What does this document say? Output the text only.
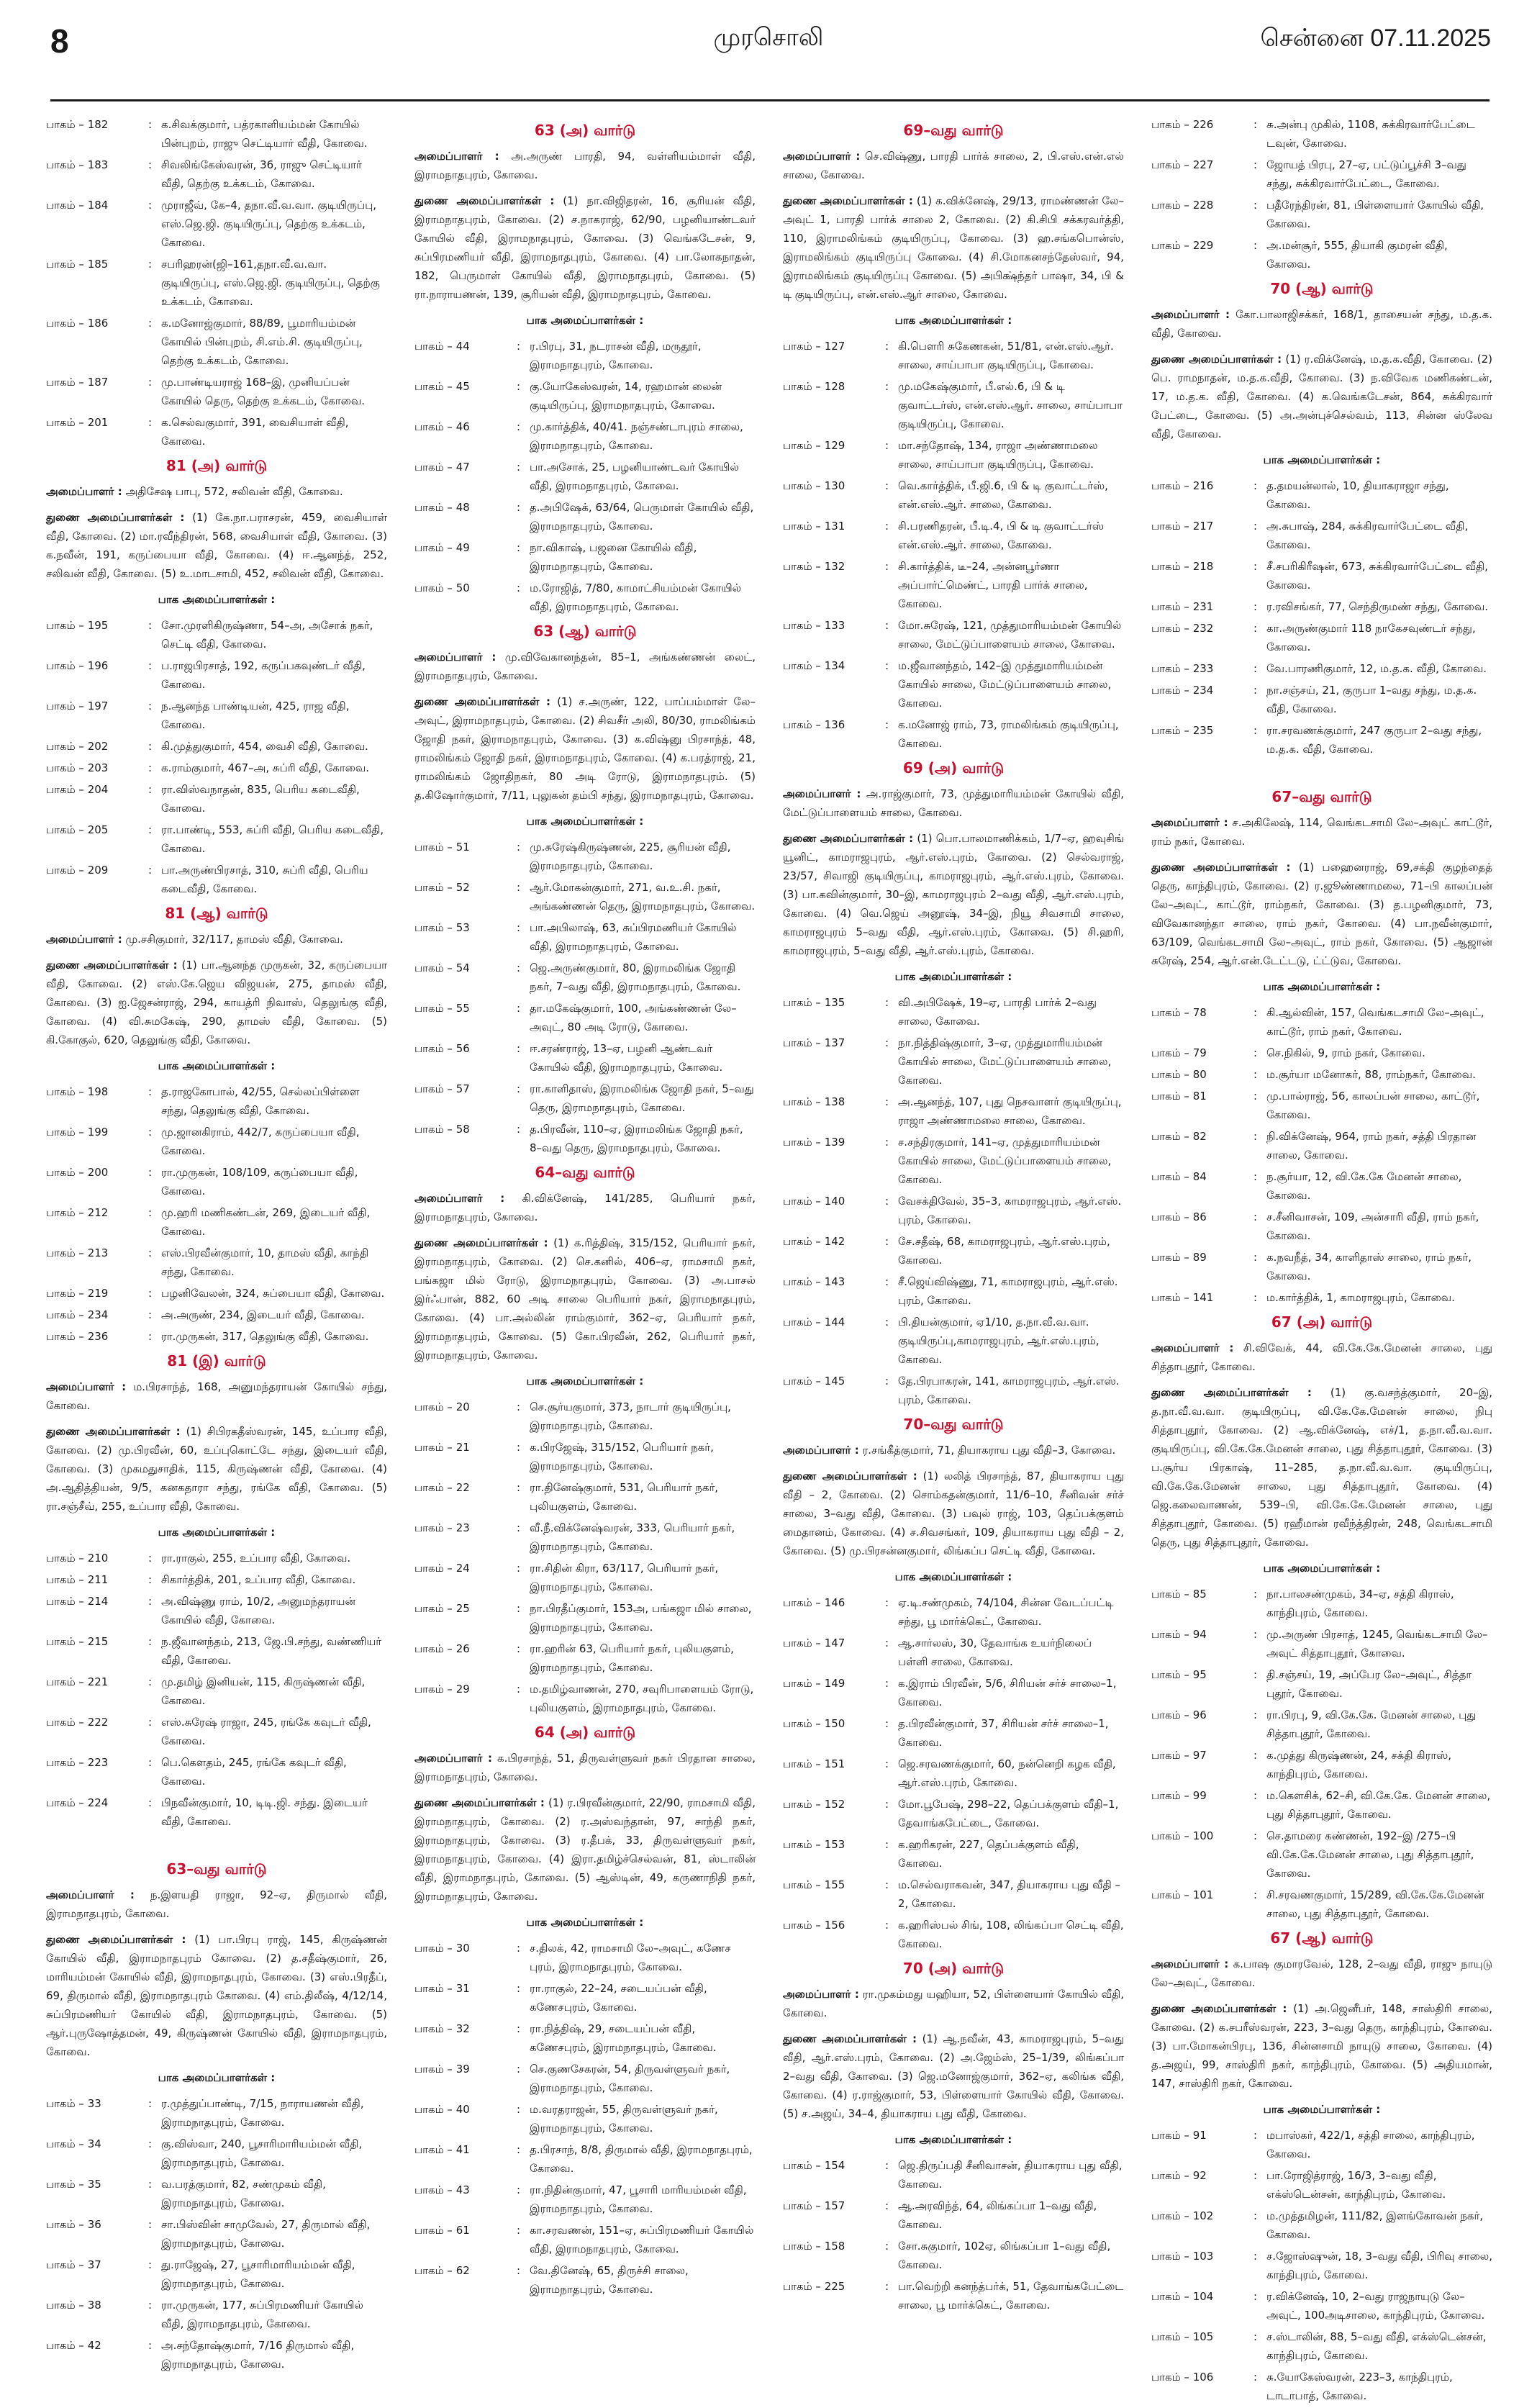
8	முரசொலி	சென்னை 07.11.2025
பாகம் – 182	: க.சிவக்குமார், பத்ரகாளியம்மன் கோயில் பின்புறம், ராஜு செட்டியார் வீதி, கோவை.
பாகம் – 183	: சிவலிங்கேஸ்வரன், 36, ராஜு செட்டியார் வீதி, தெற்கு உக்கடம், கோவை.
பாகம் – 184	: முராஜீவ், கே–4, தநா.வீ.வ.வா. குடியிருப்பு, எஸ்.ஜெ.ஜி. குடியிருப்பு, தெற்கு உக்கடம், கோவை.
பாகம் – 185	: சபரிஹரன்(ஜி–161,தநா.வீ.வ.வா. குடியிருப்பு, எஸ்.ஜெ.ஜி. குடியிருப்பு, தெற்கு உக்கடம், கோவை.
பாகம் – 186	: க.மனோஜ்குமார், 88/89, பூமாரியம்மன் கோயில் பின்புறம், சி.எம்.சி. குடியிருப்பு, தெற்கு உக்கடம், கோவை.
பாகம் – 187	: மு.பாண்டியராஜ் 168–இ, முனியப்பன் கோயில் தெரு, தெற்கு உக்கடம், கோவை.
பாகம் – 201	: க.செல்வகுமார், 391, வைசியாள் வீதி, கோவை.
81 (அ) வார்டு
அமைப்பாளர் : அதிசேஷ பாபு, 572, சலிவன் வீதி, கோவை.
துணை அமைப்பாளர்கள் : (1) கே.நா.பராசரன், 459, வைசியாள் வீதி, கோவை. (2) மா.ரவீந்திரன், 568, வைசியாள் வீதி, கோவை. (3) க.நவீன், 191, கருப்பையா வீதி, கோவை. (4) ஈ.ஆனந்த், 252, சலிவன் வீதி, கோவை. (5) உ.மாடசாமி, 452, சலிவன் வீதி, கோவை.
பாக அமைப்பாளர்கள் :
பாகம் – 195	: சோ.முரளிகிருஷ்ணா, 54–அ, அசோக் நகர், செட்டி வீதி, கோவை.
பாகம் – 196	: ப.ராஜபிரசாத், 192, கருப்பகவுண்டர் வீதி, கோவை.
பாகம் – 197	: ந.ஆனந்த பாண்டியன், 425, ராஜ வீதி, கோவை.
பாகம் – 202	: கி.முத்துகுமார், 454, வைசி வீதி, கோவை.
பாகம் – 203	: க.ராம்குமார், 467–அ, சுப்ரி வீதி, கோவை.
பாகம் – 204	: ரா.விஸ்வநாதன், 835, பெரிய கடைவீதி, கோவை.
பாகம் – 205	: ரா.பாண்டி, 553, சுப்ரி வீதி, பெரிய கடைவீதி, கோவை.
பாகம் – 209	: பா.அருண்பிரசாத், 310, சுப்ரி வீதி, பெரிய கடைவீதி, கோவை.
81 (ஆ) வார்டு
அமைப்பாளர் : மு.சசிகுமார், 32/117, தாமஸ் வீதி, கோவை.
துணை அமைப்பாளர்கள் : (1) பா.ஆனந்த முருகன், 32, கருப்பையா வீதி, கோவை. (2) எஸ்.கே.ஜெய விஜயன், 275, தாமஸ் வீதி, கோவை. (3) ஐ.ஜேசன்ராஜ், 294, காயத்ரி நிவாஸ், தெலுங்கு வீதி, கோவை. (4) வி.சுமகேஷ், 290, தாமஸ் வீதி, கோவை. (5) கி.கோகுல், 620, தெலுங்கு வீதி, கோவை.
பாக அமைப்பாளர்கள் :
பாகம் – 198	: த.ராஜகோபால், 42/55, செல்லப்பிள்ளை சந்து, தெலுங்கு வீதி, கோவை.
பாகம் – 199	: மு.ஜானகிராம், 442/7, கருப்பையா வீதி, கோவை.
பாகம் – 200	: ரா.முருகன், 108/109, கருப்பையா வீதி, கோவை.
பாகம் – 212	: மு.ஹரி மணிகண்டன், 269, இடையர் வீதி, கோவை.
பாகம் – 213	: எஸ்.பிரவீன்குமார், 10, தாமஸ் வீதி, காந்தி சந்து, கோவை.
பாகம் – 219	: பழனிவேலன், 324, சுப்பையா வீதி, கோவை.
பாகம் – 234	: அ.அருண், 234, இடையர் வீதி, கோவை.
பாகம் – 236	: ரா.முருகன், 317, தெலுங்கு வீதி, கோவை.
81 (இ) வார்டு
அமைப்பாளர் : ம.பிரசாந்த், 168, அனுமந்தராயன் கோயில் சந்து, கோவை.
துணை அமைப்பாளர்கள் : (1) சிபிரகதீஸ்வரன், 145, உப்பார வீதி, கோவை. (2) மு.பிரவீன், 60, உப்புகொட்டே சந்து, இடையர் வீதி, கோவை. (3) முகமதுசாதிக், 115, கிருஷ்ணன் வீதி, கோவை. (4) அ.ஆதித்தியன், 9/5, கனகதாரா சந்து, ரங்கே வீதி, கோவை. (5) ரா.சஞ்சீவ், 255, உப்பார வீதி, கோவை.
பாக அமைப்பாளர்கள் :
பாகம் – 210	: ரா.ராகுல், 255, உப்பார வீதி, கோவை.
பாகம் – 211	: சிகார்த்திக், 201, உப்பார வீதி, கோவை.
பாகம் – 214	: அ.விஷ்ணு ராம், 10/2, அனுமந்தராயன் கோயில் வீதி, கோவை.
பாகம் – 215	: ந.ஜீவானந்தம், 213, ஜே.பி.சந்து, வண்ணியர் வீதி, கோவை.
பாகம் – 221	: மு.தமிழ் இனியன், 115, கிருஷ்ணன் வீதி, கோவை.
பாகம் – 222	: எஸ்.சுரேஷ் ராஜா, 245, ரங்கே கவுடர் வீதி, கோவை.
பாகம் – 223	: பெ.கௌதம், 245, ரங்கே கவுடர் வீதி, கோவை.
பாகம் – 224	: பிநவீன்குமார், 10, டிடி.ஜி. சந்து. இடையர் வீதி, கோவை.
63–வது வார்டு
அமைப்பாளர் : ந.இளயதி ராஜா, 92–ஏ, திருமால் வீதி, இராமநாதபுரம், கோவை.
துணை அமைப்பாளர்கள் : (1) பா.பிரபு ராஜ், 145, கிருஷ்ணன் கோயில் வீதி, இராமநாதபுரம் கோவை. (2) த.சதீஷ்குமார், 26, மாரியம்மன் கோயில் வீதி, இராமநாதபுரம், கோவை. (3) எஸ்.பிரதீப், 69, திருமால் வீதி, இராமநாதபுரம் கோவை. (4) எம்.திலீஷ், 4/12/14, சுப்பிரமணியர் கோயில் வீதி, இராமநாதபுரம், கோவை. (5) ஆர்.புருஷோத்தமன், 49, கிருஷ்ணன் கோயில் வீதி, இராமநாதபுரம், கோவை.
பாக அமைப்பாளர்கள் :
பாகம் – 33	: ர.முத்துப்பாண்டி, 7/15, நாராயணன் வீதி, இராமநாதபுரம், கோவை.
பாகம் – 34	: கு.விஸ்வா, 240, பூசாரிமாரியம்மன் வீதி, இராமநாதபுரம், கோவை.
பாகம் – 35	: வ.பரத்குமார், 82, சண்முகம் வீதி, இராமநாதபுரம், கோவை.
பாகம் – 36	: சா.பிஸ்வின் சாமுவேல், 27, திருமால் வீதி, இராமநாதபுரம், கோவை.
பாகம் – 37	: து.ராஜேஷ், 27, பூசாரிமாரியம்மன் வீதி, இராமநாதபுரம், கோவை.
பாகம் – 38	: ரா.முருகன், 177, சுப்பிரமணியர் கோயில் வீதி, இராமநாதபுரம், கோவை.
பாகம் – 42	: அ.சந்தோஷ்குமார், 7/16 திருமால் வீதி, இராமநாதபுரம், கோவை.
63 (அ) வார்டு
அமைப்பாளர் : அ.அருண் பாரதி, 94, வள்ளியம்மாள் வீதி, இராமநாதபுரம், கோவை.
துணை அமைப்பாளர்கள் : (1) நா.விஜிதரன், 16, சூரியன் வீதி, இராமநாதபுரம், கோவை. (2) ச.நாகராஜ், 62/90, பழனியாண்டவர் கோயில் வீதி, இராமநாதபுரம், கோவை. (3) வெங்கடேசன், 9, சுப்பிரமணியர் வீதி, இராமநாதபுரம், கோவை. (4) பா.லோகநாதன், 182, பெருமாள் கோயில் வீதி, இராமநாதபுரம், கோவை. (5) ரா.நாராயணன், 139, சூரியன் வீதி, இராமநாதபுரம், கோவை.
பாக அமைப்பாளர்கள் :
பாகம் – 44	: ர.பிரபு, 31, நடராசன் வீதி, மருதூர், இராமநாதபுரம், கோவை.
பாகம் – 45	: கு.யோகேஸ்வரன், 14, ரஹமான் லைன் குடியிருப்பு, இராமநாதபுரம், கோவை.
பாகம் – 46	: மு.கார்த்திக், 40/41. நஞ்சண்டாபுரம் சாலை, இராமநாதபுரம், கோவை.
பாகம் – 47	: பா.அசோக், 25, பழனியாண்டவர் கோயில் வீதி, இராமநாதபுரம், கோவை.
பாகம் – 48	: த.அபிஷேக், 63/64, பெருமாள் கோயில் வீதி, இராமநாதபுரம், கோவை.
பாகம் – 49	: நா.விகாஷ், பஜனை கோயில் வீதி, இராமநாதபுரம், கோவை.
பாகம் – 50	: ம.ரோஜித், 7/80, காமாட்சியம்மன் கோயில் வீதி, இராமநாதபுரம், கோவை.
63 (ஆ) வார்டு
அமைப்பாளர் : மு.விவேகானந்தன், 85–1, அங்கண்ணன் லைட், இராமநாதபுரம், கோவை.
துணை அமைப்பாளர்கள் : (1) ச.அருண், 122, பாப்பம்மாள் லே–அவுட், இராமநாதபுரம், கோவை. (2) சிவசீர் அலி, 80/30, ராமலிங்கம் ஜோதி நகர், இராமநாதபுரம், கோவை. (3) க.விஷ்னு பிரசாந்த், 48, ராமலிங்கம் ஜோதி நகர், இராமநாதபுரம், கோவை. (4) க.பரத்ராஜ், 21, ராமலிங்கம் ஜோதிநகர், 80 அடி ரோடு, இராமநாதபுரம். (5) த.கிஷோர்குமார், 7/11, புலுகன் தம்பி சந்து, இராமநாதபுரம், கோவை.
பாக அமைப்பாளர்கள் :
பாகம் – 51	: மு.சுரேஷ்கிருஷ்ணன், 225, சூரியன் வீதி, இராமநாதபுரம், கோவை.
பாகம் – 52	: ஆர்.மோகன்குமார், 271, வ.உ.சி. நகர், அங்கண்ணன் தெரு, இராமநாதபுரம், கோவை.
பாகம் – 53	: பா.அபிலாஷ், 63, சுப்பிரமணியர் கோயில் வீதி, இராமநாதபுரம், கோவை.
பாகம் – 54	: ஜெ.அருண்குமார், 80, இராமலிங்க ஜோதி நகர், 7–வது வீதி, இராமநாதபுரம், கோவை.
பாகம் – 55	: தா.மகேஷ்குமார், 100, அங்கண்ணன் லே–அவுட், 80 அடி ரோடு, கோவை.
பாகம் – 56	: ஈ.சரண்ராஜ், 13–ஏ, பழனி ஆண்டவர் கோயில் வீதி, இராமநாதபுரம், கோவை.
பாகம் – 57	: ரா.காளிதாஸ், இராமலிங்க ஜோதி நகர், 5–வது தெரு, இராமநாதபுரம், கோவை.
பாகம் – 58	: த.பிரவீன், 110–ஏ, இராமலிங்க ஜோதி நகர், 8–வது தெரு, இராமநாதபுரம், கோவை.
64–வது வார்டு
அமைப்பாளர் : கி.விக்னேஷ், 141/285, பெரியார் நகர், இராமநாதபுரம், கோவை.
துணை அமைப்பாளர்கள் : (1) க.ரித்திஷ், 315/152, பெரியார் நகர், இராமநாதபுரம், கோவை. (2) செ.கனில், 406–ஏ, ராமசாமி நகர், பங்கஜா மில் ரோடு, இராமநாதபுரம், கோவை. (3) அ.பாசல் இர்ஃபான், 882, 60 அடி சாலை பெரியார் நகர், இராமநாதபுரம், கோவை. (4) பா.அல்லின் ராம்குமார், 362–ஏ, பெரியார் நகர், இராமநாதபுரம், கோவை. (5) கோ.பிரவீன், 262, பெரியார் நகர், இராமநாதபுரம், கோவை.
பாக அமைப்பாளர்கள் :
பாகம் – 20	: செ.சூர்யகுமார், 373, நாடார் குடியிருப்பு, இராமநாதபுரம், கோவை.
பாகம் – 21	: க.பிரஜேஷ், 315/152, பெரியார் நகர், இராமநாதபுரம், கோவை.
பாகம் – 22	: ரா.தினேஷ்குமார், 531, பெரியார் நகர், புலியகுளம், கோவை.
பாகம் – 23	: வீ.நீ.விக்னேஷ்வரன், 333, பெரியார் நகர், இராமநாதபுரம், கோவை.
பாகம் – 24	: ரா.சிதின் கிரா, 63/117, பெரியார் நகர், இராமநாதபுரம், கோவை.
பாகம் – 25	: நா.பிரதீப்குமார், 153அ, பங்கஜா மில் சாலை, இராமநாதபுரம், கோவை.
பாகம் – 26	: ரா.ஹரின் 63, பெரியார் நகர், புலியகுளம், இராமநாதபுரம், கோவை.
பாகம் – 29	: ம.தமிழ்வாணன், 270, சவுரிபாளையம் ரோடு, புலியகுளம், இராமநாதபுரம், கோவை.
64 (அ) வார்டு
அமைப்பாளர் : க.பிரசாந்த், 51, திருவள்ளுவர் நகர் பிரதான சாலை, இராமநாதபுரம், கோவை.
துணை அமைப்பாளர்கள் : (1) ர.பிரவீன்குமார், 22/90, ராமசாமி வீதி, இராமநாதபுரம், கோவை. (2) ர.அஸ்வந்தான், 97, சாந்தி நகர், இராமநாதபுரம், கோவை. (3) ர.தீபக், 33, திருவள்ளுவர் நகர், இராமநாதபுரம், கோவை. (4) இரா.தமிழ்ச்செல்வன், 81, ஸ்டாலின் வீதி, இராமநாதபுரம், கோவை. (5) ஆஸ்டின், 49, கருணாநிதி நகர், இராமநாதபுரம், கோவை.
பாக அமைப்பாளர்கள் :
பாகம் – 30	: ச.திலக், 42, ராமசாமி லே–அவுட், கணேச புரம், இராமநாதபுரம், கோவை.
பாகம் – 31	: ரா.ராகுல், 22–24, சடையப்பன் வீதி, கணேசபுரம், கோவை.
பாகம் – 32	: ரா.நித்திஷ், 29, சடையப்பன் வீதி, கணேசபுரம், இராமநாதபுரம், கோவை.
பாகம் – 39	: செ.குணசேகரன், 54, திருவள்ளுவர் நகர், இராமநாதபுரம், கோவை.
பாகம் – 40	: ம.வரதராஜன், 55, திருவள்ளுவர் நகர், இராமநாதபுரம், கோவை.
பாகம் – 41	: த.பிரசாந், 8/8, திருமால் வீதி, இராமநாதபுரம், கோவை.
பாகம் – 43	: ரா.நிதின்குமார், 47, பூசாரி மாரியம்மன் வீதி, இராமநாதபுரம், கோவை.
பாகம் – 61	: கா.சரவணன், 151–ஏ, சுப்பிரமணியர் கோயில் வீதி, இராமநாதபுரம், கோவை.
பாகம் – 62	: வே.தினேஷ், 65, திருச்சி சாலை, இராமநாதபுரம், கோவை.
69–வது வார்டு
அமைப்பாளர் : செ.விஷ்ணு, பாரதி பார்க் சாலை, 2, பி.எஸ்.என்.எல் சாலை, கோவை.
துணை அமைப்பாளர்கள் : (1) க.விக்னேஷ், 29/13, ராமண்ணன் லே–அவுட் 1, பாரதி பார்க் சாலை 2, கோவை. (2) கி.சிபி சக்கரவர்த்தி, 110, இராமலிங்கம் குடியிருப்பு, கோவை. (3) ஹ.சங்கபொன்ஸ், இராமலிங்கம் குடியிருப்பு கோவை. (4) சி.மோகனசந்தேஸ்வர், 94, இராமலிங்கம் குடியிருப்பு கோவை. (5) அபிக்ஷ்ந்தர் பாஷா, 34, பி & டி குடியிருப்பு, என்.எஸ்.ஆர் சாலை, கோவை.
பாக அமைப்பாளர்கள் :
பாகம் – 127	: கி.பௌரி சுகேணகன், 51/81, என்.எஸ்.ஆர். சாலை, சாய்பாபா குடியிருப்பு, கோவை.
பாகம் – 128	: மு.மகேஷ்குமார், பீ.எல்.6, பி & டி குவாட்டர்ஸ், என்.எஸ்.ஆர். சாலை, சாய்பாபா குடியிருப்பு, கோவை.
பாகம் – 129	: மா.சந்தோஷ், 134, ராஜா அண்ணாமலை சாலை, சாய்பாபா குடியிருப்பு, கோவை.
பாகம் – 130	: வெ.கார்த்திக், பீ.ஜி.6, பி & டி குவாட்டர்ஸ், என்.எஸ்.ஆர். சாலை, கோவை.
பாகம் – 131	: சி.பரணிதரன், பீ.டி.4, பி & டி குவாட்டர்ஸ் என்.எஸ்.ஆர். சாலை, கோவை.
பாகம் – 132	: சி.கார்த்திக், டீ–24, அன்னபூர்ணா அப்பார்ட்மெண்ட், பாரதி பார்க் சாலை, கோவை.
பாகம் – 133	: மோ.சுரேஷ், 121, முத்துமாரியம்மன் கோயில் சாலை, மேட்டுப்பாளையம் சாலை, கோவை.
பாகம் – 134	: ம.ஜீவானந்தம், 142–இ முத்துமாரியம்மன் கோயில் சாலை, மேட்டுப்பாளையம் சாலை, கோவை.
பாகம் – 136	: க.மனோஜ் ராம், 73, ராமலிங்கம் குடியிருப்பு, கோவை.
69 (அ) வார்டு
அமைப்பாளர் : அ.ராஜ்குமார், 73, முத்துமாரியம்மன் கோயில் வீதி, மேட்டுப்பாளையம் சாலை, கோவை.
துணை அமைப்பாளர்கள் : (1) பொ.பாலமாணிக்கம், 1/7–ஏ, ஹவுசிங் யூனிட், காமராஜபுரம், ஆர்.எஸ்.புரம், கோவை. (2) செல்வராஜ், 23/57, சிவாஜி குடியிருப்பு, காமராஜபுரம், ஆர்.எஸ்.புரம், கோவை. (3) பா.கவின்குமார், 30–இ, காமராஜபுரம் 2–வது வீதி, ஆர்.எஸ்.புரம், கோவை. (4) வெ.ஜெய் அனூஷ், 34–இ, நியூ சிவசாமி சாலை, காமராஜபுரம் 5–வது வீதி, ஆர்.எஸ்.புரம், கோவை. (5) சி.ஹரி, காமராஜபுரம், 5–வது வீதி, ஆர்.எஸ்.புரம், கோவை.
பாக அமைப்பாளர்கள் :
பாகம் – 135	: வி.அபிஷேக், 19–ஏ, பாரதி பார்க் 2–வது சாலை, கோவை.
பாகம் – 137	: நா.நித்திஷ்குமார், 3–ஏ, முத்துமாரியம்மன் கோயில் சாலை, மேட்டுப்பாளையம் சாலை, கோவை.
பாகம் – 138	: அ.ஆனந்த், 107, புது நெசவாளர் குடியிருப்பு, ராஜா அண்ணாமலை சாலை, கோவை.
பாகம் – 139	: ச.சந்திரகுமார், 141–ஏ, முத்துமாரியம்மன் கோயில் சாலை, மேட்டுப்பாளையம் சாலை, கோவை.
பாகம் – 140	: வேசக்திவேல், 35–3, காமராஜபுரம், ஆர்.எஸ். புரம், கோவை.
பாகம் – 142	: சே.சதீஷ், 68, காமராஜபுரம், ஆர்.எஸ்.புரம், கோவை.
பாகம் – 143	: சீ.ஜெய்விஷ்ணு, 71, காமராஜபுரம், ஆர்.எஸ். புரம், கோவை.
பாகம் – 144	: பி.தியன்குமார், ஏ1/10, த.நா.வீ.வ.வா. குடியிருப்பு,காமராஜபுரம், ஆர்.எஸ்.புரம், கோவை.
பாகம் – 145	: தே.பிரபாகரன், 141, காமராஜபுரம், ஆர்.எஸ். புரம், கோவை.
70–வது வார்டு
அமைப்பாளர் : ர.சங்கீத்குமார், 71, தியாகராய புது வீதி–3, கோவை.
துணை அமைப்பாளர்கள் : (1) லலித் பிரசாந்த், 87, தியாகராய புது வீதி – 2, கோவை. (2) சொம்கதன்குமார், 11/6–10, சீனிவன் சர்ச் சாலை, 3–வது வீதி, கோவை. (3) பவுல் ராஜ், 103, தெப்பக்குளம் மைதானம், கோவை. (4) ச.சிவசங்கர், 109, தியாகராய புது வீதி – 2, கோவை. (5) மு.பிரசன்னகுமார், லிங்கப்ப செட்டி வீதி, கோவை.
பாக அமைப்பாளர்கள் :
பாகம் – 146	: ஏ.டி.சண்முகம், 74/104, சின்ன வேடப்பட்டி சந்து, பூ மார்க்கெட், கோவை.
பாகம் – 147	: ஆ.சார்லஸ், 30, தேவாங்க உயர்நிலைப் பள்ளி சாலை, கோவை.
பாகம் – 149	: க.இராம் பிரவீன், 5/6, சிரியன் சர்ச் சாலை–1, கோவை.
பாகம் – 150	: த.பிரவீன்குமார், 37, சிரியன் சர்ச் சாலை–1, கோவை.
பாகம் – 151	: ஜெ.சரவணக்குமார், 60, நன்னெறி கழக வீதி, ஆர்.எஸ்.புரம், கோவை.
பாகம் – 152	: மோ.பூபேஷ், 298–22, தெப்பக்குளம் வீதி–1, தேவாங்கபேட்டை, கோவை.
பாகம் – 153	: க.ஹரிகரன், 227, தெப்பக்குளம் வீதி, கோவை.
பாகம் – 155	: ம.செல்வராகவன், 347, தியாகராய புது வீதி – 2, கோவை.
பாகம் – 156	: க.ஹரிஸ்பல் சிங், 108, லிங்கப்பா செட்டி வீதி, கோவை.
70 (அ) வார்டு
அமைப்பாளர் : ரா.முகம்மது யஹியா, 52, பிள்ளையார் கோயில் வீதி, கோவை.
துணை அமைப்பாளர்கள் : (1) ஆ.நவீன், 43, காமராஜபுரம், 5–வது வீதி, ஆர்.எஸ்.புரம், கோவை. (2) அ.ஜேம்ஸ், 25–1/39, லிங்கப்பா 2–வது வீதி, கோவை. (3) ஜெ.மனோஜ்குமார், 362–ஏ, கலிங்க வீதி, கோவை. (4) ர.ராஜ்குமார், 53, பிள்ளையார் கோயில் வீதி, கோவை. (5) ச.அஜய், 34–4, தியாகராய புது வீதி, கோவை.
பாக அமைப்பாளர்கள் :
பாகம் – 154	: ஜெ.திருப்பதி சீனிவாசன், தியாகராய புது வீதி, கோவை.
பாகம் – 157	: ஆ.அரவிந்த், 64, லிங்கப்பா 1–வது வீதி, கோவை.
பாகம் – 158	: சோ.சுகுமார், 102ஏ, லிங்கப்பா 1–வது வீதி, கோவை.
பாகம் – 225	: பா.வெற்றி கனந்த்பர்க், 51, தேவாங்கபேட்டை சாலை, பூ மார்க்கெட், கோவை.
பாகம் – 226	: சு.அன்பு முகில், 1108, சுக்கிரவார்பேட்டை டவுன், கோவை.
பாகம் – 227	: ஜோயத் பிரபு, 27–ஏ, பட்டுப்பூச்சி 3–வது சந்து, சுக்கிரவார்பேட்டை, கோவை.
பாகம் – 228	: பதீரேந்திரன், 81, பிள்ளையார் கோயில் வீதி, கோவை.
பாகம் – 229	: அ.மன்சூர், 555, தியாகி குமரன் வீதி, கோவை.
70 (ஆ) வார்டு
அமைப்பாளர் : கோ.பாலாஜிசக்கர், 168/1, தாசையன் சந்து, ம.த.க. வீதி, கோவை.
துணை அமைப்பாளர்கள் : (1) ர.விக்னேஷ், ம.த.க.வீதி, கோவை. (2) பெ. ராமநாதன், ம.த.க.வீதி, கோவை. (3) ந.விவேக மணிகண்டன், 17, ம.த.க. வீதி, கோவை. (4) க.வெங்கடேசன், 864, சுக்கிரவார் பேட்டை, கோவை. (5) அ.அன்புச்செல்வம், 113, சின்ன ஸ்லேவ வீதி, கோவை.
பாக அமைப்பாளர்கள் :
பாகம் – 216	: த.தமயன்லால், 10, தியாகராஜா சந்து, கோவை.
பாகம் – 217	: அ.சுபாஷ், 284, சுக்கிரவார்பேட்டை வீதி, கோவை.
பாகம் – 218	: சீ.சபரிகிரீஷன், 673, சுக்கிரவார்பேட்டை வீதி, கோவை.
பாகம் – 231	: ர.ரவிசங்கர், 77, செந்திருமண் சந்து, கோவை.
பாகம் – 232	: கா.அருண்குமார் 118 நாகேசவுண்டர் சந்து, கோவை.
பாகம் – 233	: வே.பாரணிகுமார், 12, ம.த.க. வீதி, கோவை.
பாகம் – 234	: நா.சஞ்சய், 21, குருபா 1–வது சந்து, ம.த.க. வீதி, கோவை.
பாகம் – 235	: ரா.சரவணக்குமார், 247 குருபா 2–வது சந்து, ம.த.க. வீதி, கோவை.
67–வது வார்டு
அமைப்பாளர் : ச.அகிலேஷ், 114, வெங்கடசாமி லே–அவுட் காட்டூர், ராம் நகர், கோவை.
துணை அமைப்பாளர்கள் : (1) பஹைனராஜ், 69,சக்தி குழந்தைத் தெரு, காந்திபுரம், கோவை. (2) ர.ஜூண்ணாமலை, 71–பி காலப்பன் லே–அவுட், காட்டூர், ராம்நகர், கோவை. (3) த.பழனிகுமார், 73, விவேகானந்தா சாலை, ராம் நகர், கோவை. (4) பா.நவீன்குமார், 63/109, வெங்கடசாமி லே–அவுட், ராம் நகர், கோவை. (5) ஆஜான் சுரேஷ், 254, ஆர்.என்.டேட்டடு, ட்ட்டுவ, கோவை.
பாக அமைப்பாளர்கள் :
பாகம் – 78	: கி.ஆல்வின், 157, வெங்கடசாமி லே–அவுட், காட்டூர், ராம் நகர், கோவை.
பாகம் – 79	: செ.நிகில், 9, ராம் நகர், கோவை.
பாகம் – 80	: ம.சூர்யா மனோகர், 88, ராம்நகர், கோவை.
பாகம் – 81	: மு.பால்ராஜ், 56, காலப்பன் சாலை, காட்டூர், கோவை.
பாகம் – 82	: நி.விக்னேஷ், 964, ராம் நகர், சத்தி பிரதான சாலை, கோவை.
பாகம் – 84	: ந.சூர்யா, 12, வி.கே.கே மேனன் சாலை, கோவை.
பாகம் – 86	: ச.சீனிவாசன், 109, அன்சாரி வீதி, ராம் நகர், கோவை.
பாகம் – 89	: க.நவநீத், 34, காளிதாஸ் சாலை, ராம் நகர், கோவை.
பாகம் – 141	: ம.கார்த்திக், 1, காமராஜபுரம், கோவை.
67 (அ) வார்டு
அமைப்பாளர் : சி.விவேக், 44, வி.கே.கே.மேனன் சாலை, புது சித்தாபுதூர், கோவை.
துணை அமைப்பாளர்கள் : (1) கு.வசந்த்குமார், 20–இ, த.நா.வீ.வ.வா. குடியிருப்பு, வி.கே.கே.மேனன் சாலை, நிபு சித்தாபுதூர், கோவை. (2) ஆ.விக்னேஷ், எச்/1, த.நா.வீ.வ.வா. குடியிருப்பு, வி.கே.கே.மேனன் சாலை, புது சித்தாபுதூர், கோவை. (3) ப.சூர்ய பிரகாஷ், 11–285, த.நா.வீ.வ.வா. குடியிருப்பு, வி.கே.கே.மேனன் சாலை, புது சித்தாபுதூர், கோவை. (4) ஜெ.கலைவாணன், 539–பி, வி.கே.கே.மேனன் சாலை, புது சித்தாபுதூர், கோவை. (5) ரஹீமான் ரவீந்த்திரன், 248, வெங்கடசாமி தெரு, புது சித்தாபுதூர், கோவை.
பாக அமைப்பாளர்கள் :
பாகம் – 85	: நா.பாலசண்முகம், 34–ஏ, சத்தி கிராஸ், காந்திபுரம், கோவை.
பாகம் – 94	: மு.அருண் பிரசாத், 1245, வெங்கடசாமி லே–அவுட் சித்தாபுதூர், கோவை.
பாகம் – 95	: தி.சஞ்சய், 19, அப்பேர லே–அவுட், சித்தா புதூர், கோவை.
பாகம் – 96	: ரா.பிரபு, 9, வி.கே.கே. மேனன் சாலை, புது சித்தாபுதூர், கோவை.
பாகம் – 97	: க.முத்து கிருஷ்ணன், 24, சக்தி கிராஸ், காந்திபுரம், கோவை.
பாகம் – 99	: ம.கௌசிக், 62–சி, வி.கே.கே. மேனன் சாலை, புது சித்தாபுதூர், கோவை.
பாகம் – 100	: செ.தாமரை கண்ணன், 192–இ /275–பி வி.கே.கே.மேனன் சாலை, புது சித்தாபுதூர், கோவை.
பாகம் – 101	: சி.சரவணகுமார், 15/289, வி.கே.கே.மேனன் சாலை, புது சித்தாபுதூர், கோவை.
67 (ஆ) வார்டு
அமைப்பாளர் : க.பாஷ குமாரவேல், 128, 2–வது வீதி, ராஜு நாயுடு லே–அவுட், கோவை.
துணை அமைப்பாளர்கள் : (1) அ.ஜெனீபர், 148, சாஸ்திரி சாலை, கோவை. (2) க.சபரீஸ்வரன், 223, 3–வது தெரு, காந்திபுரம், கோவை. (3) பா.மோகன்பிரபு, 136, சின்னசாமி நாயுடு சாலை, கோவை. (4) த.அஜய், 99, சாஸ்திரி நகர், காந்திபுரம், கோவை. (5) அதியமான், 147, சாஸ்திரி நகர், கோவை.
பாக அமைப்பாளர்கள் :
பாகம் – 91	: மபாஸ்கர், 422/1, சத்தி சாலை, காந்திபுரம், கோவை.
பாகம் – 92	: பா.ரோஜித்ராஜ், 16/3, 3–வது வீதி, எக்ஸ்டென்சன், காந்திபுரம், கோவை.
பாகம் – 102	: ம.முத்தமிழன், 111/82, இளங்கோவன் நகர், கோவை.
பாகம் – 103	: ச.ஜோஸ்ஷுன், 18, 3–வது வீதி, பிரிவு சாலை, காந்திபுரம், கோவை.
பாகம் – 104	: ர.விக்னேஷ், 10, 2–வது ராஜநாயுடு லே–அவுட், 100அடிசாலை, காந்திபுரம், கோவை.
பாகம் – 105	: ச.ஸ்டாலின், 88, 5–வது வீதி, எக்ஸ்டென்சன், காந்திபுரம், கோவை.
பாகம் – 106	: சு.யோகேஸ்வரன், 223–3, காந்திபுரம், டாடாபாத், கோவை.
